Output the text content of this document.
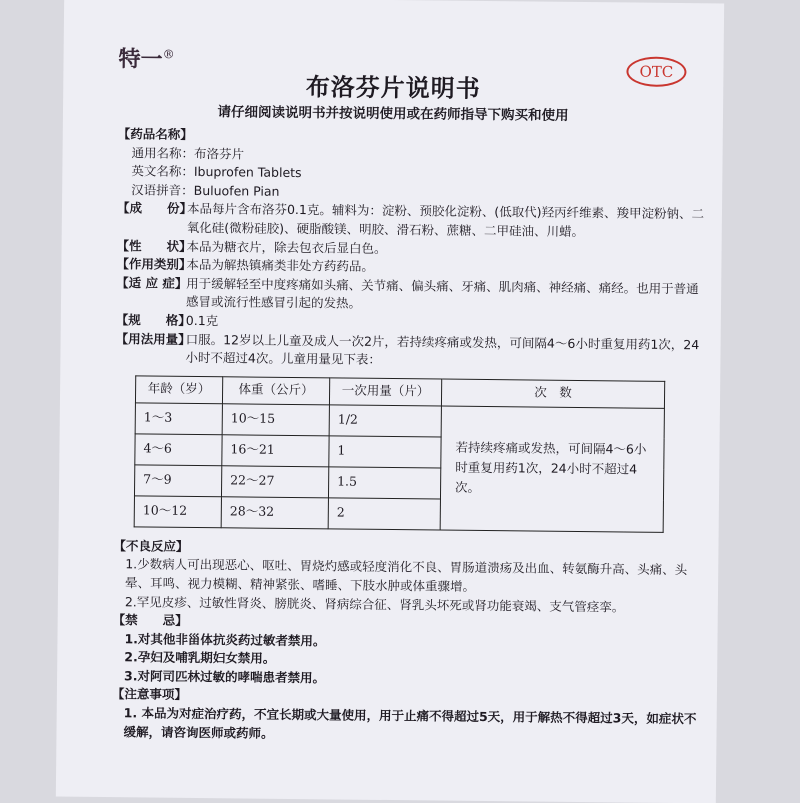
特一®
OTC
布洛芬片说明书
请仔细阅读说明书并按说明使用或在药师指导下购买和使用
【药品名称】
通用名称：布洛芬片
英文名称：Ibuprofen Tablets
汉语拼音：Buluofen Pian
【成　　份】
本品每片含布洛芬0.1克。辅料为：淀粉、预胶化淀粉、(低取代)羟丙纤维素、羧甲淀粉钠、二氧化硅(微粉硅胶)、硬脂酸镁、明胶、滑石粉、蔗糖、二甲硅油、川蜡。
【性　　状】
本品为糖衣片，除去包衣后显白色。
【作用类别】
本品为解热镇痛类非处方药药品。
【适 应 症】
用于缓解轻至中度疼痛如头痛、关节痛、偏头痛、牙痛、肌肉痛、神经痛、痛经。也用于普通感冒或流行性感冒引起的发热。
【规　　格】
0.1克
【用法用量】
口服。12岁以上儿童及成人一次2片，若持续疼痛或发热，可间隔4～6小时重复用药1次，24小时不超过4次。儿童用量见下表：
年龄（岁）	体重（公斤）	一次用量（片）	次　数
1～3	10～15	1/2	若持续疼痛或发热，可间隔4～6小时重复用药1次，24小时不超过4次。
4～6	16～21	1	
7～9	22～27	1.5	
10～12	28～32	2	
【不良反应】
1.少数病人可出现恶心、呕吐、胃烧灼感或轻度消化不良、胃肠道溃疡及出血、转氨酶升高、头痛、头晕、耳鸣、视力模糊、精神紧张、嗜睡、下肢水肿或体重骤增。
2.罕见皮疹、过敏性肾炎、膀胱炎、肾病综合征、肾乳头坏死或肾功能衰竭、支气管痉挛。
【禁　　忌】
1.对其他非甾体抗炎药过敏者禁用。
2.孕妇及哺乳期妇女禁用。
3.对阿司匹林过敏的哮喘患者禁用。
【注意事项】
1. 本品为对症治疗药，不宜长期或大量使用，用于止痛不得超过5天，用于解热不得超过3天，如症状不缓解，请咨询医师或药师。
